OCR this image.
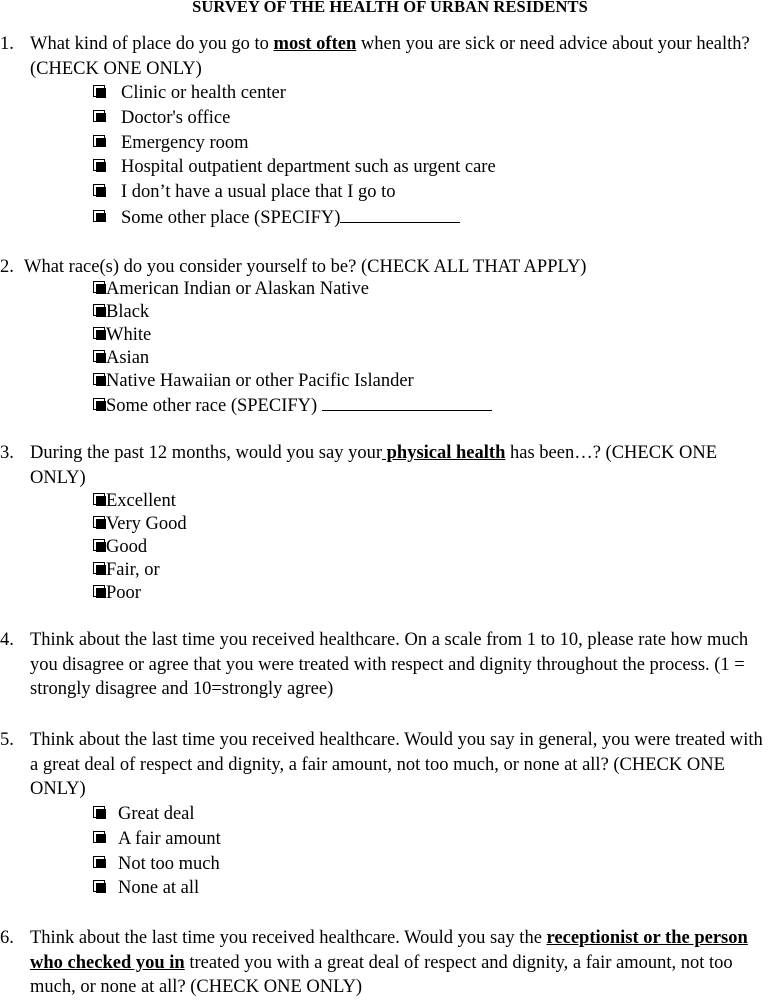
SURVEY OF THE HEALTH OF URBAN RESIDENTS
1. What kind of place do you go to most often when you are sick or need advice about your health? (CHECK ONE ONLY)
Clinic or health center
Doctor's office
Emergency room
Hospital outpatient department such as urgent care
I don’t have a usual place that I go to
Some other place (SPECIFY)
2. What race(s) do you consider yourself to be? (CHECK ALL THAT APPLY)
American Indian or Alaskan Native
Black
White
Asian
Native Hawaiian or other Pacific Islander
Some other race (SPECIFY)
3. During the past 12 months, would you say your physical health has been…? (CHECK ONE ONLY)
Excellent
Very Good
Good
Fair, or
Poor
4. Think about the last time you received healthcare. On a scale from 1 to 10, please rate how much you disagree or agree that you were treated with respect and dignity throughout the process. (1 = strongly disagree and 10=strongly agree)
5. Think about the last time you received healthcare. Would you say in general, you were treated with a great deal of respect and dignity, a fair amount, not too much, or none at all? (CHECK ONE ONLY)
Great deal
A fair amount
Not too much
None at all
6. Think about the last time you received healthcare. Would you say the receptionist or the person who checked you in treated you with a great deal of respect and dignity, a fair amount, not too much, or none at all? (CHECK ONE ONLY)
